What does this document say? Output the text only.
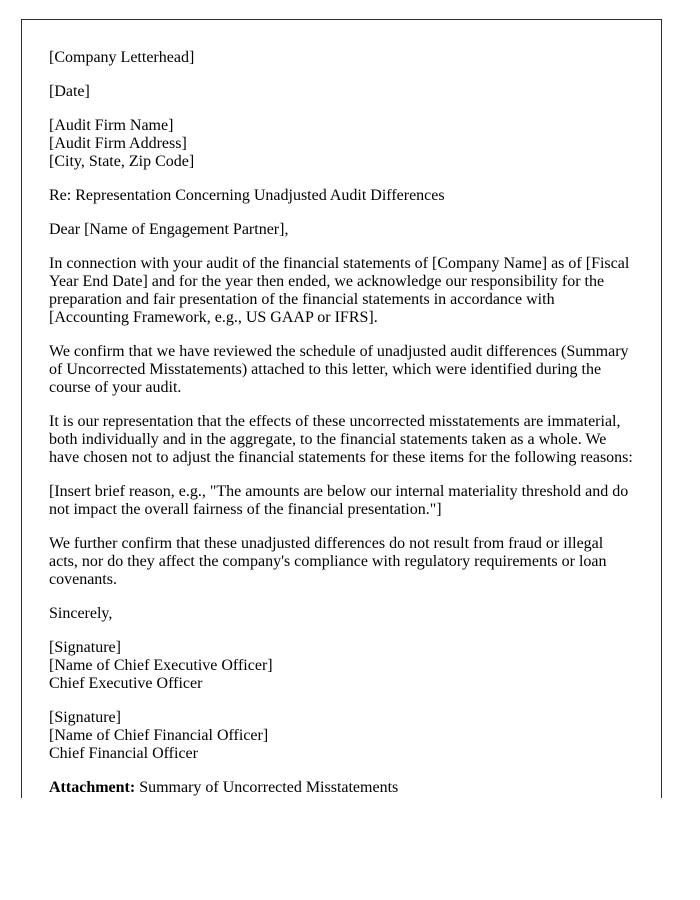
[Company Letterhead]

[Date]

[Audit Firm Name]
[Audit Firm Address]
[City, State, Zip Code]

Re: Representation Concerning Unadjusted Audit Differences

Dear [Name of Engagement Partner],

In connection with your audit of the financial statements of [Company Name] as of [Fiscal Year End Date] and for the year then ended, we acknowledge our responsibility for the preparation and fair presentation of the financial statements in accordance with [Accounting Framework, e.g., US GAAP or IFRS].

We confirm that we have reviewed the schedule of unadjusted audit differences (Summary of Uncorrected Misstatements) attached to this letter, which were identified during the course of your audit.

It is our representation that the effects of these uncorrected misstatements are immaterial, both individually and in the aggregate, to the financial statements taken as a whole. We have chosen not to adjust the financial statements for these items for the following reasons:

[Insert brief reason, e.g., "The amounts are below our internal materiality threshold and do not impact the overall fairness of the financial presentation."]

We further confirm that these unadjusted differences do not result from fraud or illegal acts, nor do they affect the company's compliance with regulatory requirements or loan covenants.

Sincerely,

[Signature]
[Name of Chief Executive Officer]
Chief Executive Officer

[Signature]
[Name of Chief Financial Officer]
Chief Financial Officer

Attachment: Summary of Uncorrected Misstatements
